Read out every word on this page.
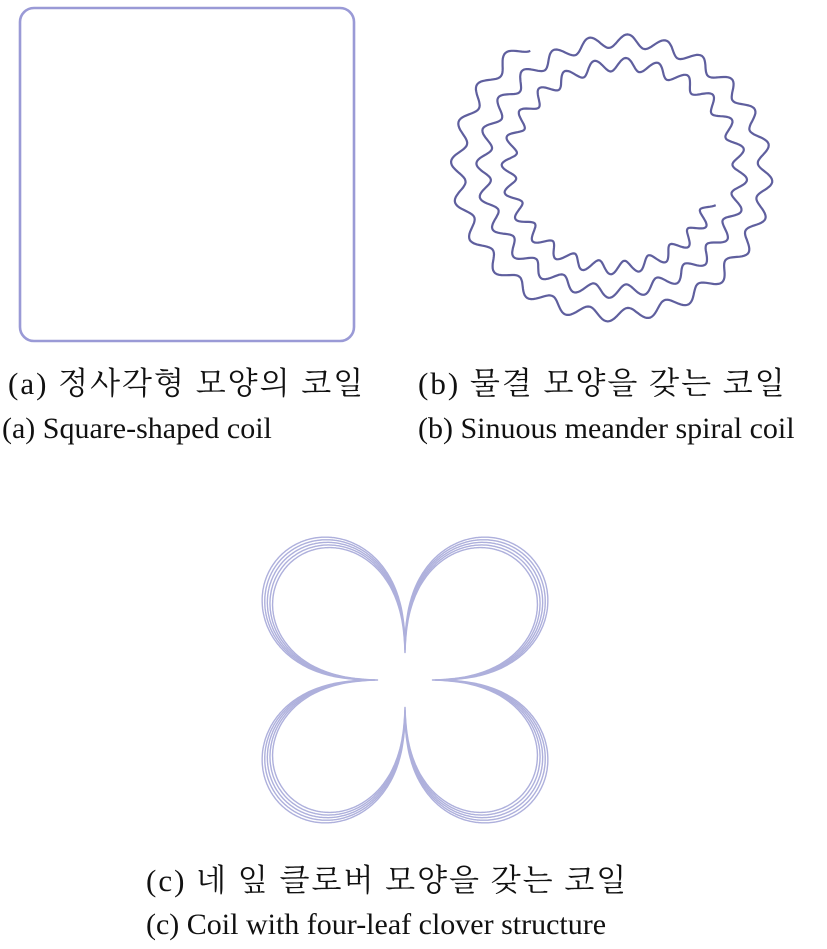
(a) 정사각형 모양의 코일
(a) Square-shaped coil
(b) 물결 모양을 갖는 코일
(b) Sinuous meander spiral coil
(c) 네 잎 클로버 모양을 갖는 코일
(c) Coil with four-leaf clover structure
